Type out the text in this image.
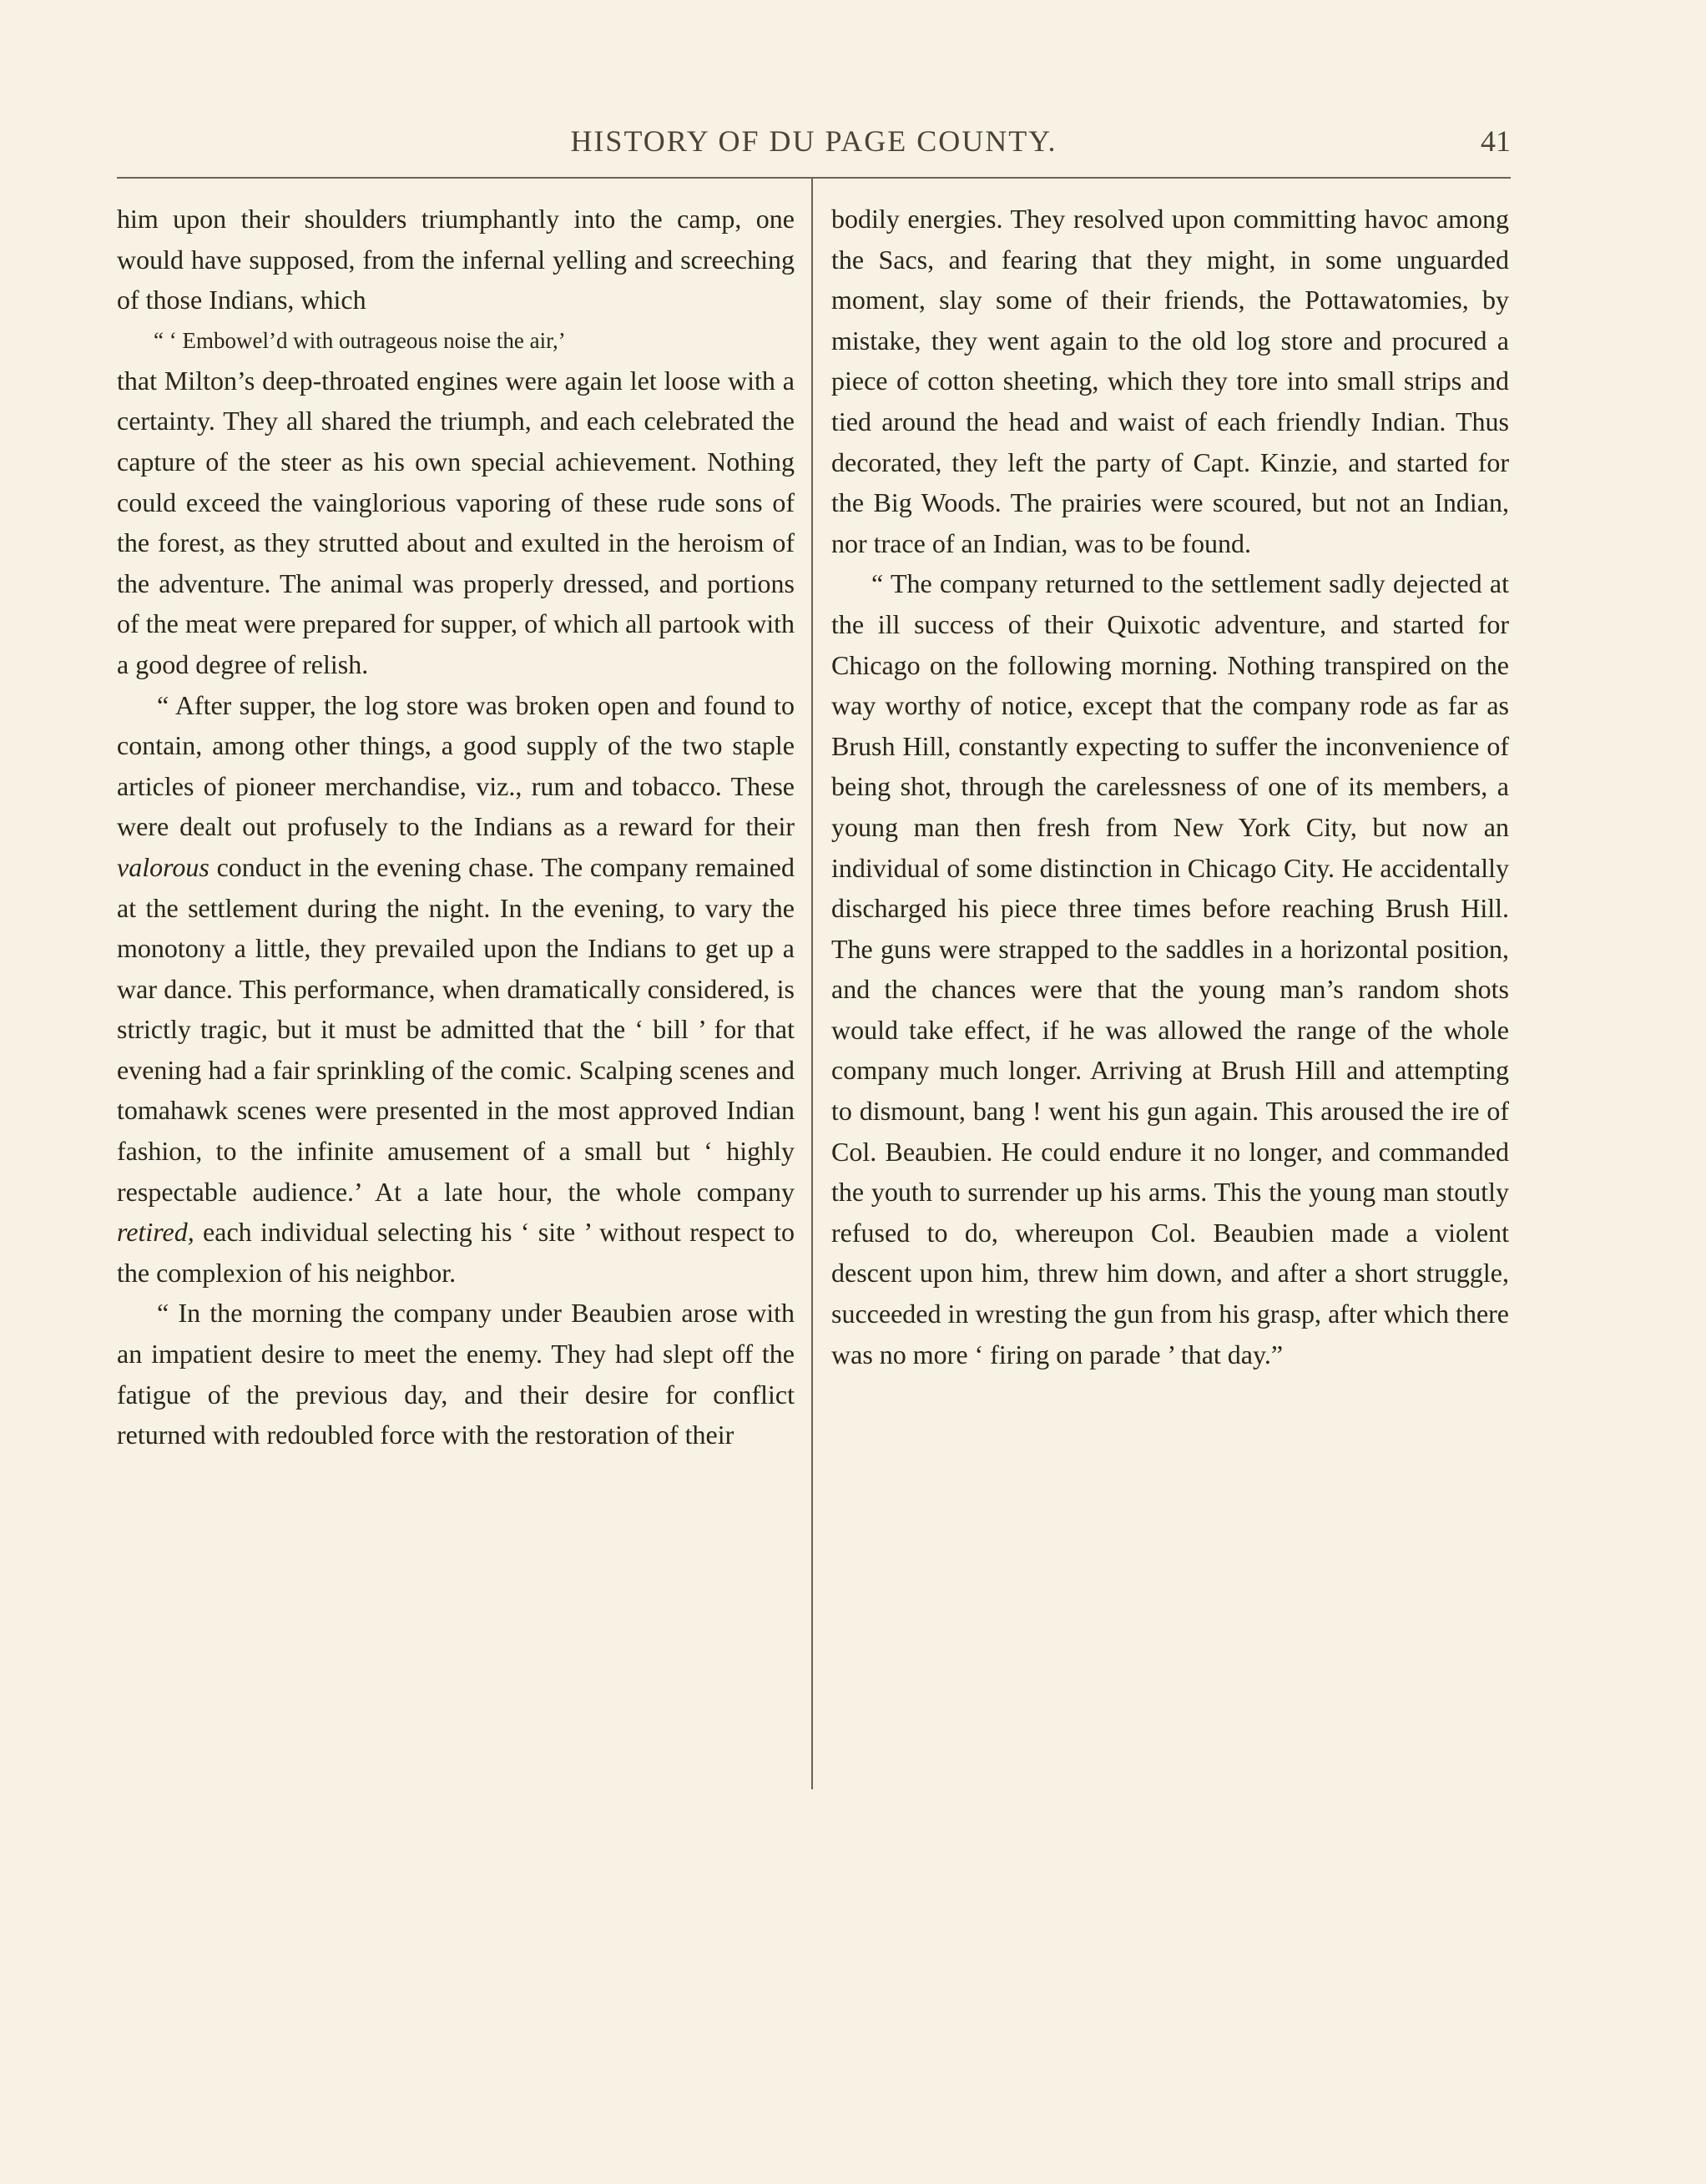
HISTORY OF DU PAGE COUNTY.	41

him upon their shoulders triumphantly into the camp, one would have supposed, from the infernal yelling and screeching of those Indians, which

“ ‘ Embowel’d with outrageous noise the air,’

that Milton’s deep-throated engines were again let loose with a certainty. They all shared the triumph, and each celebrated the capture of the steer as his own special achievement. Nothing could exceed the vainglorious vaporing of these rude sons of the forest, as they strutted about and exulted in the heroism of the adventure. The animal was properly dressed, and portions of the meat were prepared for supper, of which all partook with a good degree of relish.

“ After supper, the log store was broken open and found to contain, among other things, a good supply of the two staple articles of pioneer merchandise, viz., rum and tobacco. These were dealt out profusely to the Indians as a reward for their valorous conduct in the evening chase. The company remained at the settlement during the night. In the evening, to vary the monotony a little, they prevailed upon the Indians to get up a war dance. This performance, when dramatically considered, is strictly tragic, but it must be admitted that the ‘ bill ’ for that evening had a fair sprinkling of the comic. Scalping scenes and tomahawk scenes were presented in the most approved Indian fashion, to the infinite amusement of a small but ‘ highly respectable audience.’ At a late hour, the whole company retired, each individual selecting his ‘ site ’ without respect to the complexion of his neighbor.

“ In the morning the company under Beaubien arose with an impatient desire to meet the enemy. They had slept off the fatigue of the previous day, and their desire for conflict returned with redoubled force with the restoration of their

bodily energies. They resolved upon committing havoc among the Sacs, and fearing that they might, in some unguarded moment, slay some of their friends, the Pottawatomies, by mistake, they went again to the old log store and procured a piece of cotton sheeting, which they tore into small strips and tied around the head and waist of each friendly Indian. Thus decorated, they left the party of Capt. Kinzie, and started for the Big Woods. The prairies were scoured, but not an Indian, nor trace of an Indian, was to be found.

“ The company returned to the settlement sadly dejected at the ill success of their Quixotic adventure, and started for Chicago on the following morning. Nothing transpired on the way worthy of notice, except that the company rode as far as Brush Hill, constantly expecting to suffer the inconvenience of being shot, through the carelessness of one of its members, a young man then fresh from New York City, but now an individual of some distinction in Chicago City. He accidentally discharged his piece three times before reaching Brush Hill. The guns were strapped to the saddles in a horizontal position, and the chances were that the young man’s random shots would take effect, if he was allowed the range of the whole company much longer. Arriving at Brush Hill and attempting to dismount, bang ! went his gun again. This aroused the ire of Col. Beaubien. He could endure it no longer, and commanded the youth to surrender up his arms. This the young man stoutly refused to do, whereupon Col. Beaubien made a violent descent upon him, threw him down, and after a short struggle, succeeded in wresting the gun from his grasp, after which there was no more ‘ firing on parade ’ that day.”
